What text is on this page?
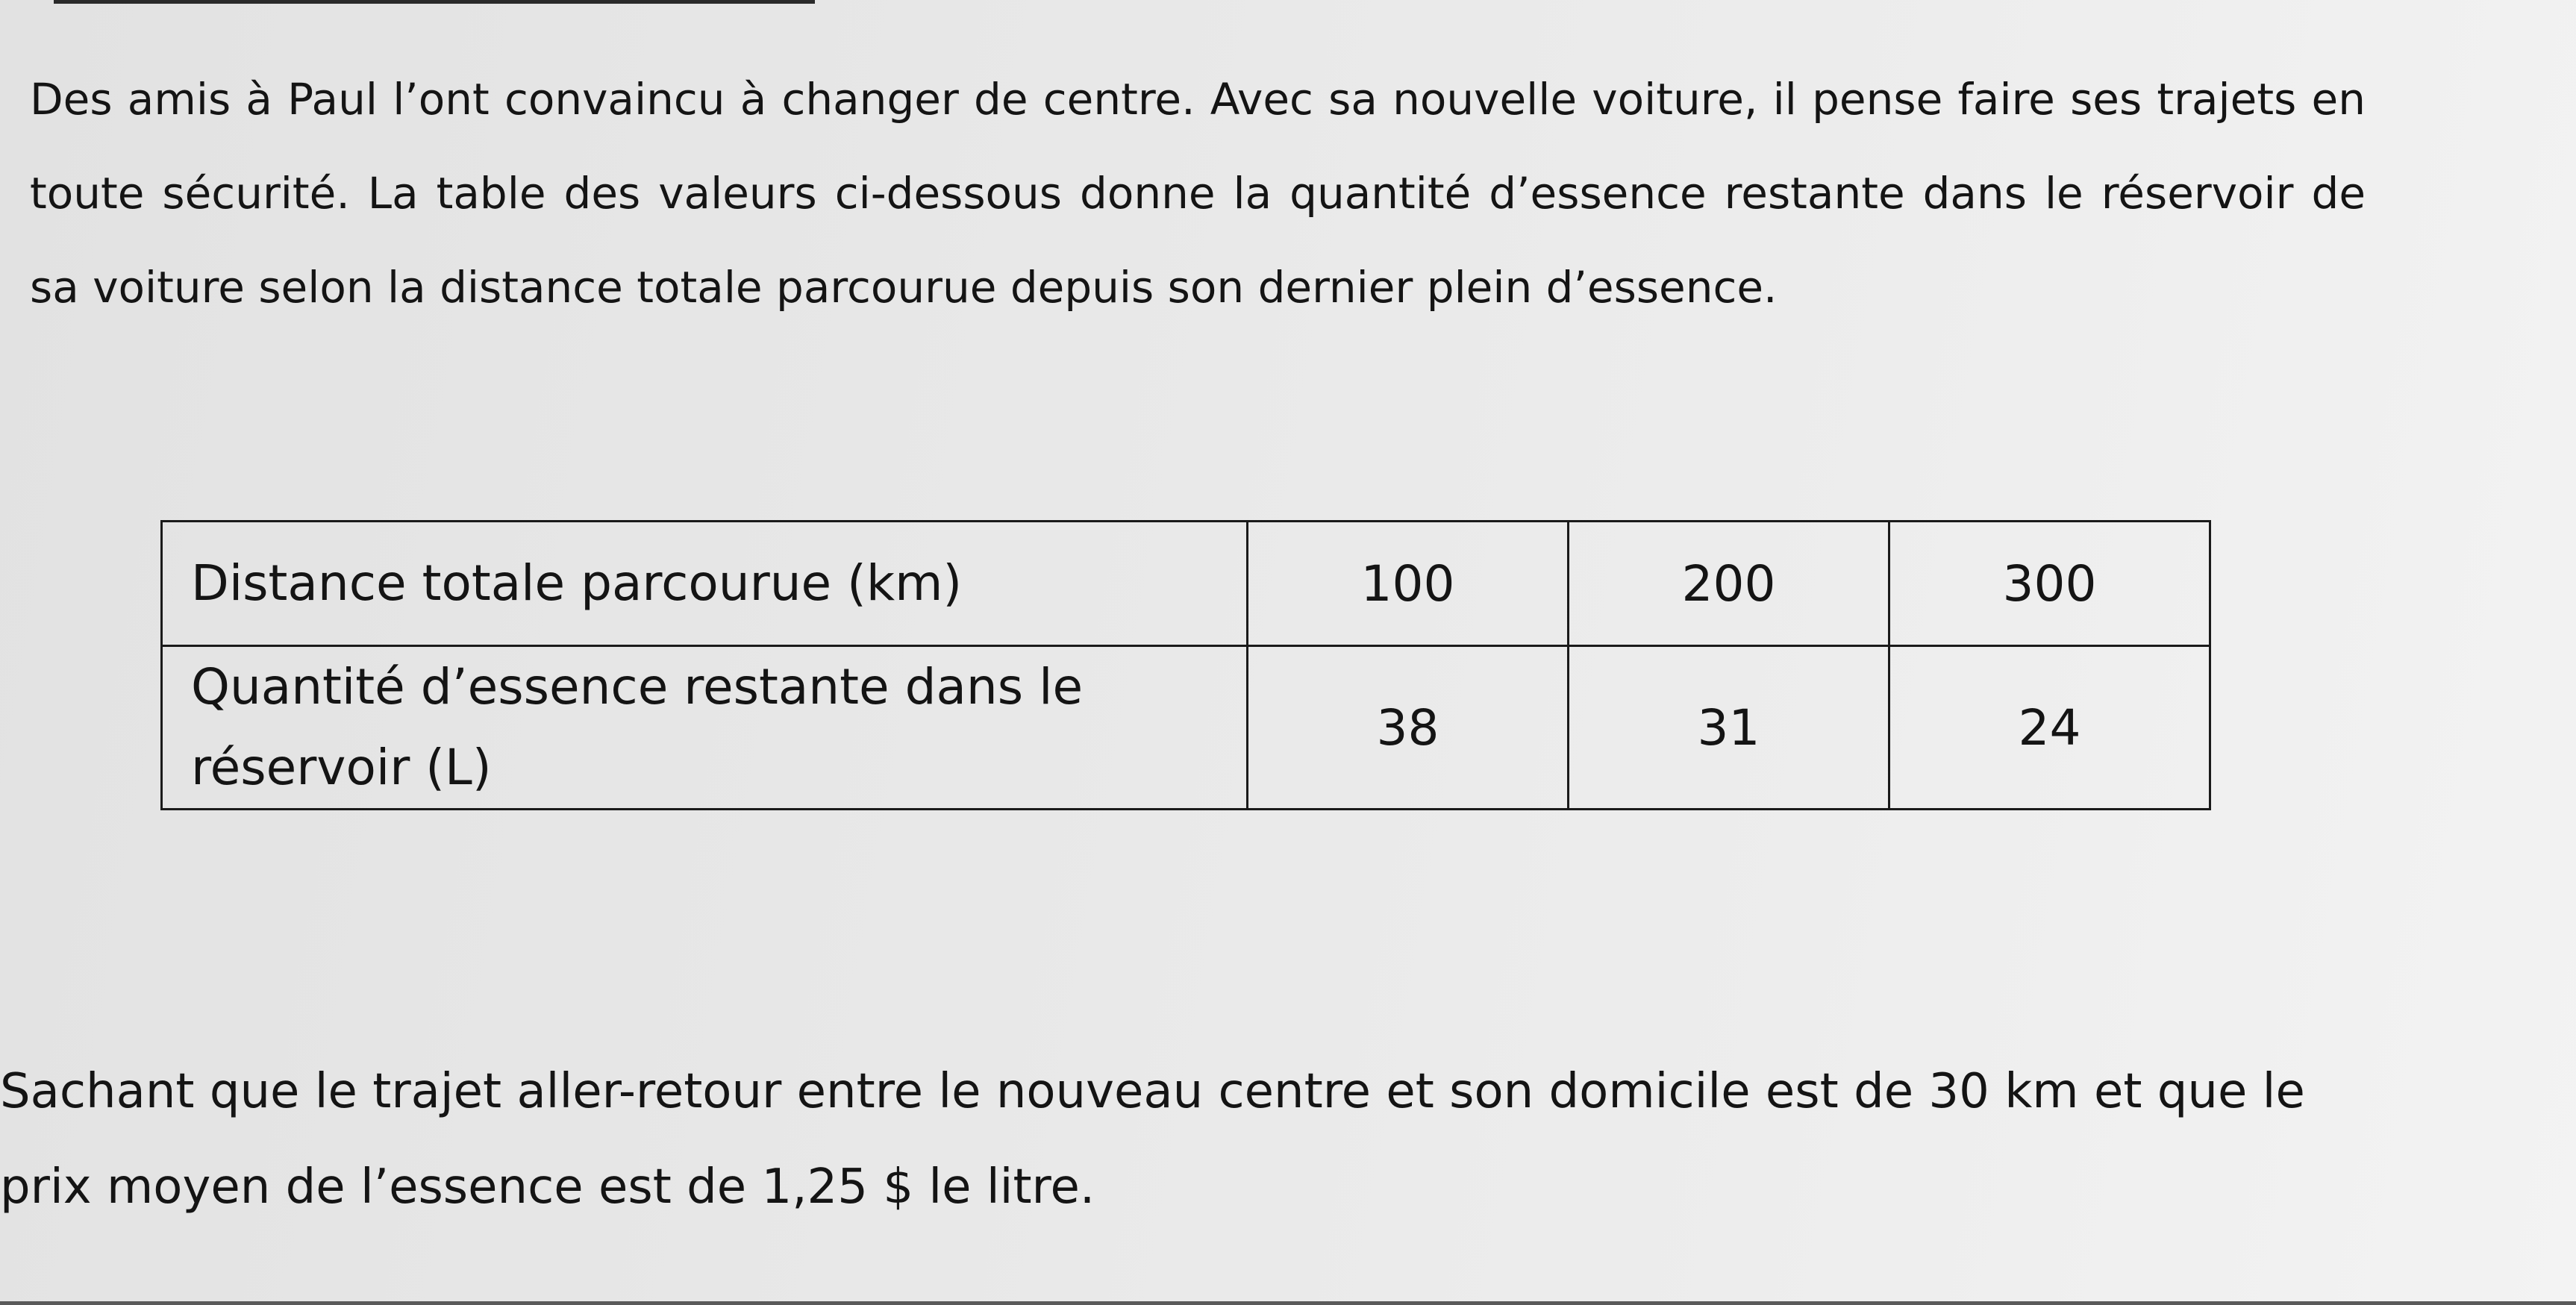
Des amis à Paul l’ont convaincu à changer de centre. Avec sa nouvelle voiture, il pense faire ses trajets en toute sécurité. La table des valeurs ci-dessous donne la quantité d’essence restante dans le réservoir de sa voiture selon la distance totale parcourue depuis son dernier plein d’essence.

Distance totale parcourue (km)	100	200	300
Quantité d’essence restante dans le réservoir (L)	38	31	24

Sachant que le trajet aller-retour entre le nouveau centre et son domicile est de 30 km et que le prix moyen de l’essence est de 1,25 $ le litre.
